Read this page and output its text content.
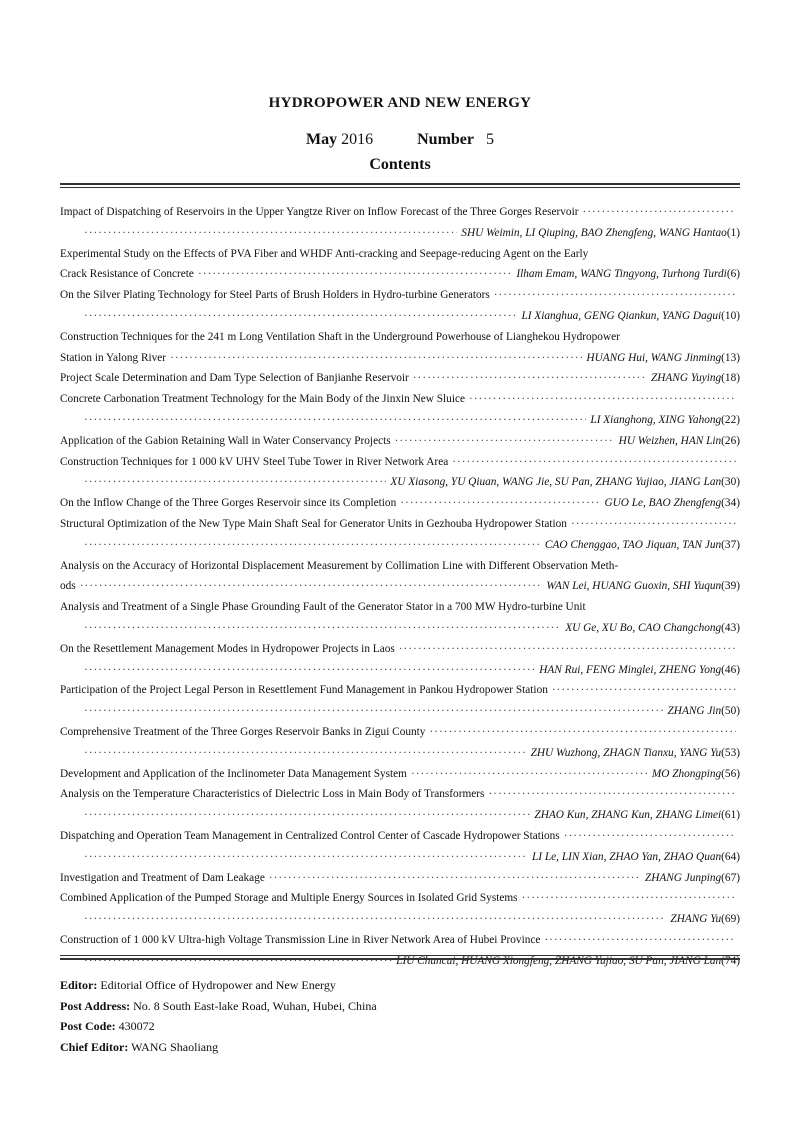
HYDROPOWER AND NEW ENERGY
May 2016	Number 5
Contents
Impact of Dispatching of Reservoirs in the Upper Yangtze River on Inflow Forecast of the Three Gorges Reservoir
·····
·····
SHU Weimin, LI Qiuping, BAO Zhengfeng, WANG Hantao (1)
Experimental Study on the Effects of PVA Fiber and WHDF Anti-cracking and Seepage-reducing Agent on the Early
Crack Resistance of Concrete ·····	Ilham Emam, WANG Tingyong, Turhong Turdi (6)
On the Silver Plating Technology for Steel Parts of Brush Holders in Hydro-turbine Generators
·····
·····
LI Xianghua, GENG Qiankun, YANG Dagui (10)
Construction Techniques for the 241 m Long Ventilation Shaft in the Underground Powerhouse of Lianghekou Hydropower
Station in Yalong River ·····	HUANG Hui, WANG Jinming (13)
Project Scale Determination and Dam Type Selection of Banjianhe Reservoir ·····	ZHANG Yuying (18)
Concrete Carbonation Treatment Technology for the Main Body of the Jinxin New Sluice
·····
·····
LI Xianghong, XING Yahong (22)
Application of the Gabion Retaining Wall in Water Conservancy Projects ·····	HU Weizhen, HAN Lin (26)
Construction Techniques for 1 000 kV UHV Steel Tube Tower in River Network Area
·····
·····
XU Xiasong, YU Qiuan, WANG Jie, SU Pan, ZHANG Yujiao, JIANG Lan (30)
On the Inflow Change of the Three Gorges Reservoir since its Completion ·····	GUO Le, BAO Zhengfeng (34)
Structural Optimization of the New Type Main Shaft Seal for Generator Units in Gezhouba Hydropower Station
·····
·····
CAO Chenggao, TAO Jiquan, TAN Jun (37)
Analysis on the Accuracy of Horizontal Displacement Measurement by Collimation Line with Different Observation Meth-
ods ·····	WAN Lei, HUANG Guoxin, SHI Yuqun (39)
Analysis and Treatment of a Single Phase Grounding Fault of the Generator Stator in a 700 MW Hydro-turbine Unit
·····
XU Ge, XU Bo, CAO Changchong (43)
On the Resettlement Management Modes in Hydropower Projects in Laos
·····
·····
HAN Rui, FENG Minglei, ZHENG Yong (46)
Participation of the Project Legal Person in Resettlement Fund Management in Pankou Hydropower Station
·····
·····
ZHANG Jin (50)
Comprehensive Treatment of the Three Gorges Reservoir Banks in Zigui County
·····
·····
ZHU Wuzhong, ZHAGN Tianxu, YANG Yu (53)
Development and Application of the Inclinometer Data Management System ·····	MO Zhongping (56)
Analysis on the Temperature Characteristics of Dielectric Loss in Main Body of Transformers
·····
·····
ZHAO Kun, ZHANG Kun, ZHANG Limei (61)
Dispatching and Operation Team Management in Centralized Control Center of Cascade Hydropower Stations
·····
·····
LI Le, LIN Xian, ZHAO Yan, ZHAO Quan (64)
Investigation and Treatment of Dam Leakage ·····	ZHANG Junping (67)
Combined Application of the Pumped Storage and Multiple Energy Sources in Isolated Grid Systems
·····
·····
ZHANG Yu (69)
Construction of 1 000 kV Ultra-high Voltage Transmission Line in River Network Area of Hubei Province
·····
·····
LIU Chuncui, HUANG Xiongfeng, ZHANG Yujiao, SU Pan, JIANG Lan (74)
Editor: Editorial Office of Hydropower and New Energy
Post Address: No. 8 South East-lake Road, Wuhan, Hubei, China
Post Code: 430072
Chief Editor: WANG Shaoliang
